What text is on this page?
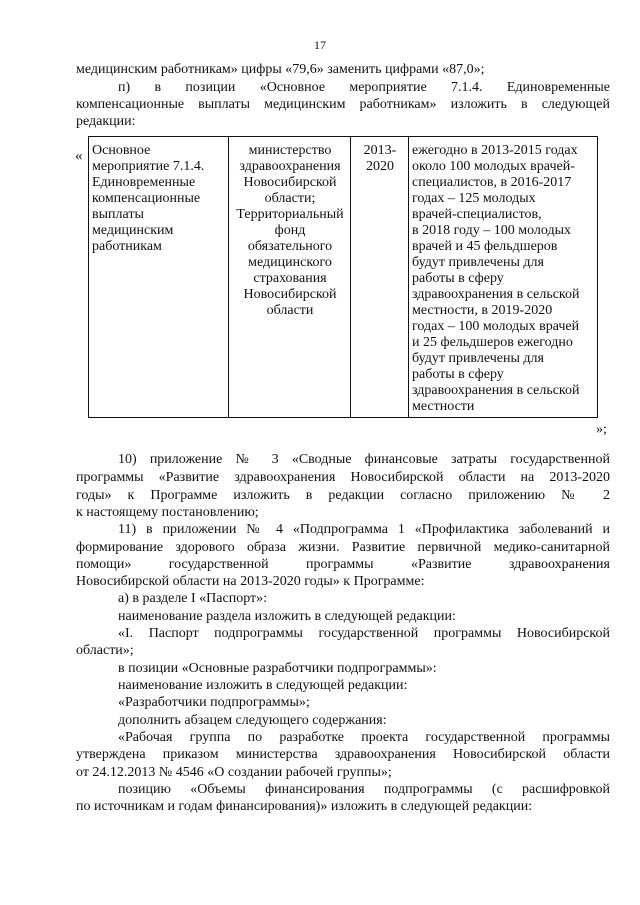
17
медицинским работникам» цифры «79,6» заменить цифрами «87,0»;
п) в позиции «Основное мероприятие 7.1.4. Единовременные
компенсационные выплаты медицинским работникам» изложить в следующей
редакции:
« Основное
мероприятие 7.1.4.
Единовременные
компенсационные
выплаты
медицинским
работникам

министерство
здравоохранения
Новосибирской
области;
Территориальный
фонд
обязательного
медицинского
страхования
Новосибирской
области

2013-
2020

ежегодно в 2013-2015 годах
около 100 молодых врачей-
специалистов, в 2016-2017
годах – 125 молодых
врачей-специалистов,
в 2018 году – 100 молодых
врачей и 45 фельдшеров
будут привлечены для
работы в сферу
здравоохранения в сельской
местности, в 2019-2020
годах – 100 молодых врачей
и 25 фельдшеров ежегодно
будут привлечены для
работы в сферу
здравоохранения в сельской
местности
»;
10) приложение № 3 «Сводные финансовые затраты государственной
программы «Развитие здравоохранения Новосибирской области на 2013-2020
годы» к Программе изложить в редакции согласно приложению № 2
к настоящему постановлению;
11) в приложении № 4 «Подпрограмма 1 «Профилактика заболеваний и
формирование здорового образа жизни. Развитие первичной медико-санитарной
помощи» государственной программы «Развитие здравоохранения
Новосибирской области на 2013-2020 годы» к Программе:
а) в разделе I «Паспорт»:
наименование раздела изложить в следующей редакции:
«I. Паспорт подпрограммы государственной программы Новосибирской
области»;
в позиции «Основные разработчики подпрограммы»:
наименование изложить в следующей редакции:
«Разработчики подпрограммы»;
дополнить абзацем следующего содержания:
«Рабочая группа по разработке проекта государственной программы
утверждена приказом министерства здравоохранения Новосибирской области
от 24.12.2013 № 4546 «О создании рабочей группы»;
позицию «Объемы финансирования подпрограммы (с расшифровкой
по источникам и годам финансирования)» изложить в следующей редакции:
